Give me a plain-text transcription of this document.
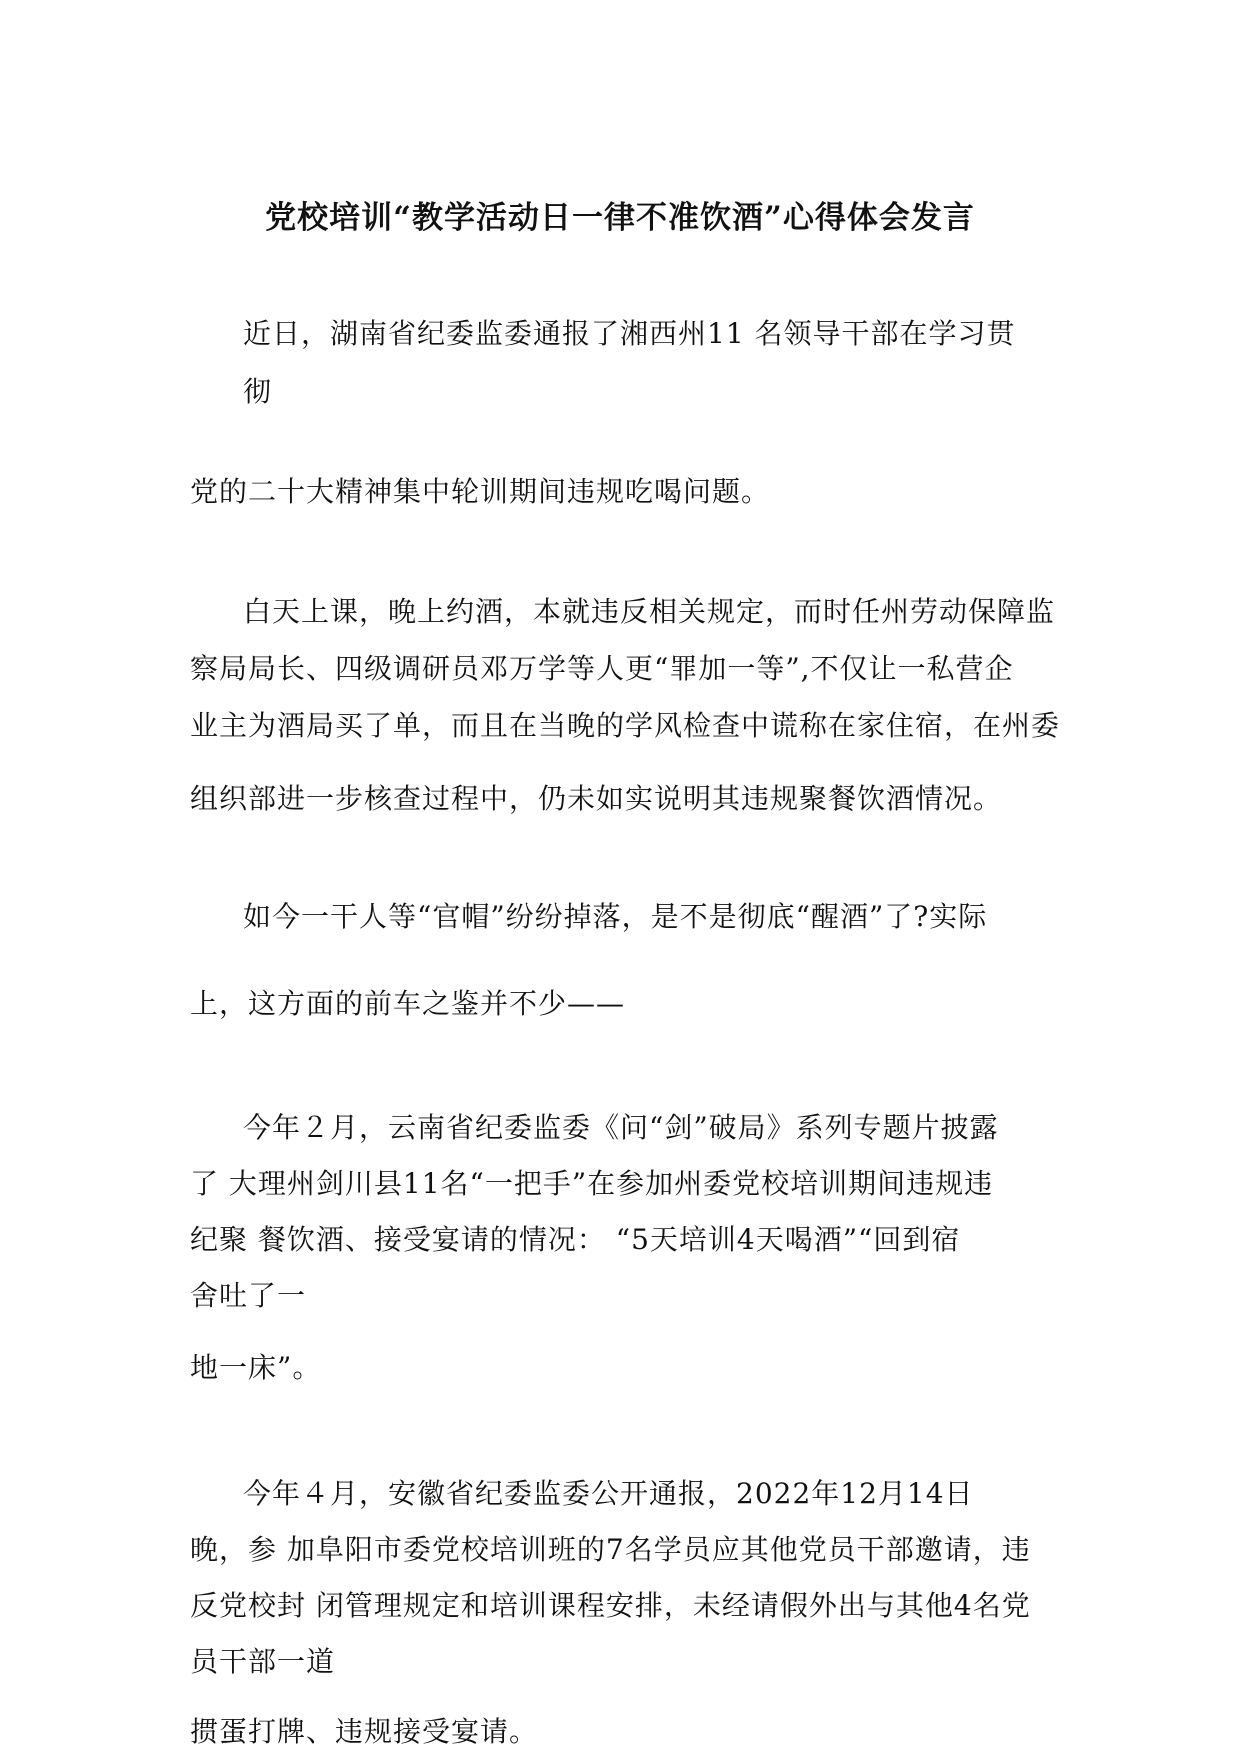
党校培训“教学活动日一律不准饮酒”心得体会发言
近日，湖南省纪委监委通报了湘西州11 名领导干部在学习贯
彻
党的二十大精神集中轮训期间违规吃喝问题。
白天上课，晚上约酒，本就违反相关规定，而时任州劳动保障监
察局局长、四级调研员邓万学等人更“罪加一等”,不仅让一私营企
业主为酒局买了单，而且在当晚的学风检查中谎称在家住宿，在州委
组织部进一步核查过程中，仍未如实说明其违规聚餐饮酒情况。
如今一干人等“官帽”纷纷掉落，是不是彻底“醒酒”了?实际
上，这方面的前车之鉴并不少——
今年２月，云南省纪委监委《问“剑”破局》系列专题片披露
了 大理州剑川县11名“一把手”在参加州委党校培训期间违规违
纪聚 餐饮酒、接受宴请的情况： “5天培训4天喝酒”“回到宿
舍吐了一
地一床”。
今年４月，安徽省纪委监委公开通报，2022年12月14日
晚，参 加阜阳市委党校培训班的7名学员应其他党员干部邀请，违
反党校封 闭管理规定和培训课程安排，未经请假外出与其他4名党
员干部一道
掼蛋打牌、违规接受宴请。
